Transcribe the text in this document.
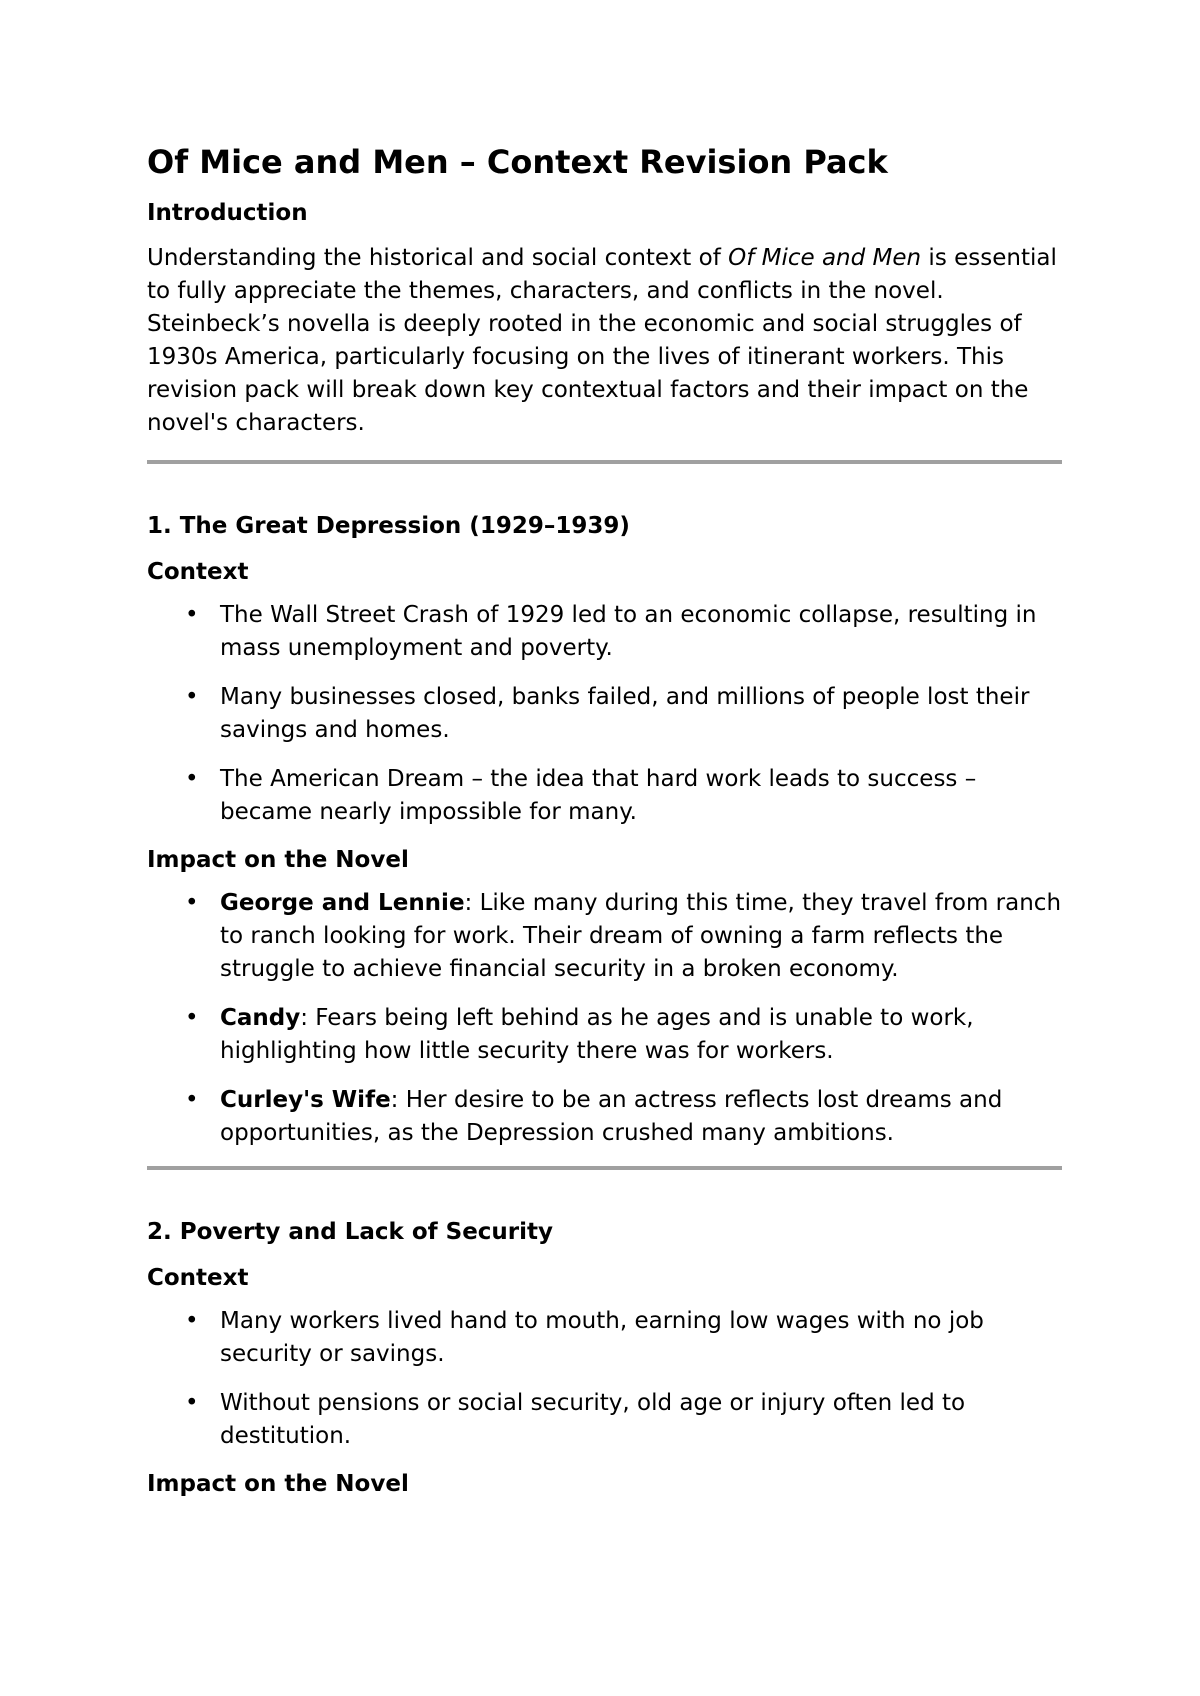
Of Mice and Men – Context Revision Pack
Introduction

Understanding the historical and social context of Of Mice and Men is essential to fully appreciate the themes, characters, and conflicts in the novel. Steinbeck’s novella is deeply rooted in the economic and social struggles of 1930s America, particularly focusing on the lives of itinerant workers. This revision pack will break down key contextual factors and their impact on the novel's characters.

1. The Great Depression (1929–1939)
Context
• The Wall Street Crash of 1929 led to an economic collapse, resulting in mass unemployment and poverty.
• Many businesses closed, banks failed, and millions of people lost their savings and homes.
• The American Dream – the idea that hard work leads to success – became nearly impossible for many.
Impact on the Novel
• George and Lennie: Like many during this time, they travel from ranch to ranch looking for work. Their dream of owning a farm reflects the struggle to achieve financial security in a broken economy.
• Candy: Fears being left behind as he ages and is unable to work, highlighting how little security there was for workers.
• Curley's Wife: Her desire to be an actress reflects lost dreams and opportunities, as the Depression crushed many ambitions.
2. Poverty and Lack of Security
Context
• Many workers lived hand to mouth, earning low wages with no job security or savings.
• Without pensions or social security, old age or injury often led to destitution.
Impact on the Novel
